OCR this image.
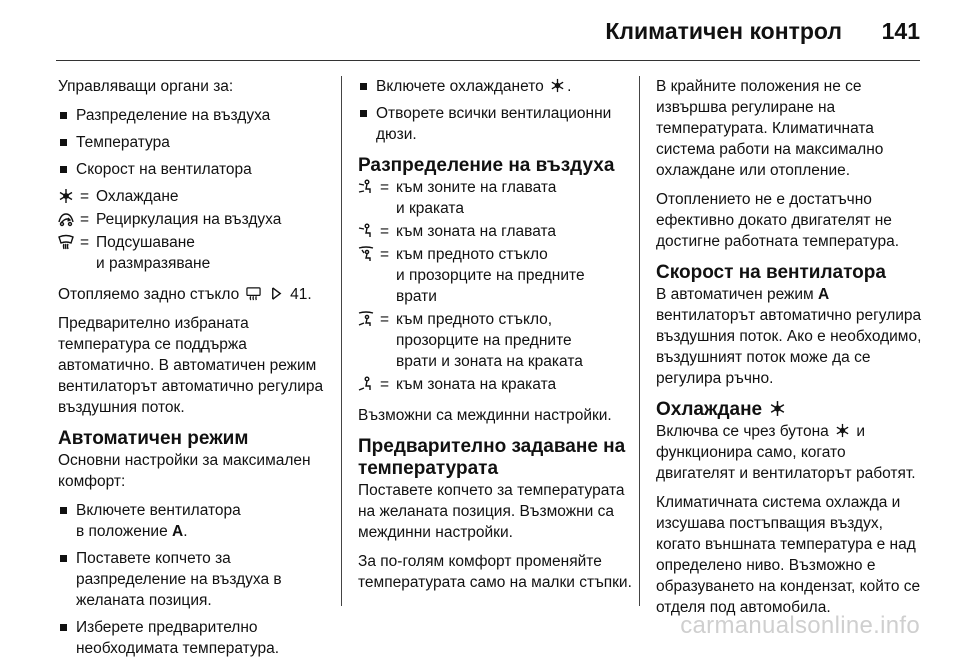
Климатичен контрол 141

Управляващи органи за:

Разпределение на въздуха
Температура
Скорост на вентилатора
= Охлаждане
= Рециркулация на въздуха
= Подсушаване
и размразяване

Отопляемо задно стъкло	41.

Предварително избраната температура се поддържа автоматично. В автоматичен режим вентилаторът автоматично регулира въздушния поток.

Автоматичен режим

Основни настройки за максимален комфорт:

Включете вентилатора
в положение A.
Поставете копчето за разпределение на въздуха в желаната позиция.
Изберете предварително необходимата температура.
Включете охлаждането .
Отворете всички вентилационни дюзи.
Разпределение на въздуха
= към зоните на главата
и краката
= към зоната на главата
= към предното стъкло
и прозорците на предните
врати
= към предното стъкло,
прозорците на предните
врати и зоната на краката
= към зоната на краката

Възможни са междинни настройки.

Предварително задаване на температурата

Поставете копчето за температурата на желаната позиция. Възможни са междинни настройки.

За по-голям комфорт променяйте температурата само на малки стъпки.

В крайните положения не се извършва регулиране на температурата. Климатичната система работи на максимално охлаждане или отопление.

Отоплението не е достатъчно ефективно докато двигателят не достигне работната температура.

Скорост на вентилатора

В автоматичен режим A вентилаторът автоматично регулира въздушния поток. Ако е необходимо, въздушният поток може да се регулира ръчно.

Охлаждане

Включва се чрез бутона и функционира само, когато двигателят и вентилаторът работят.

Климатичната система охлажда и изсушава постъпващия въздух, когато външната температура е над определено ниво. Възможно е образуването на кондензат, който се отделя под автомобила.

carmanualsonline.info
